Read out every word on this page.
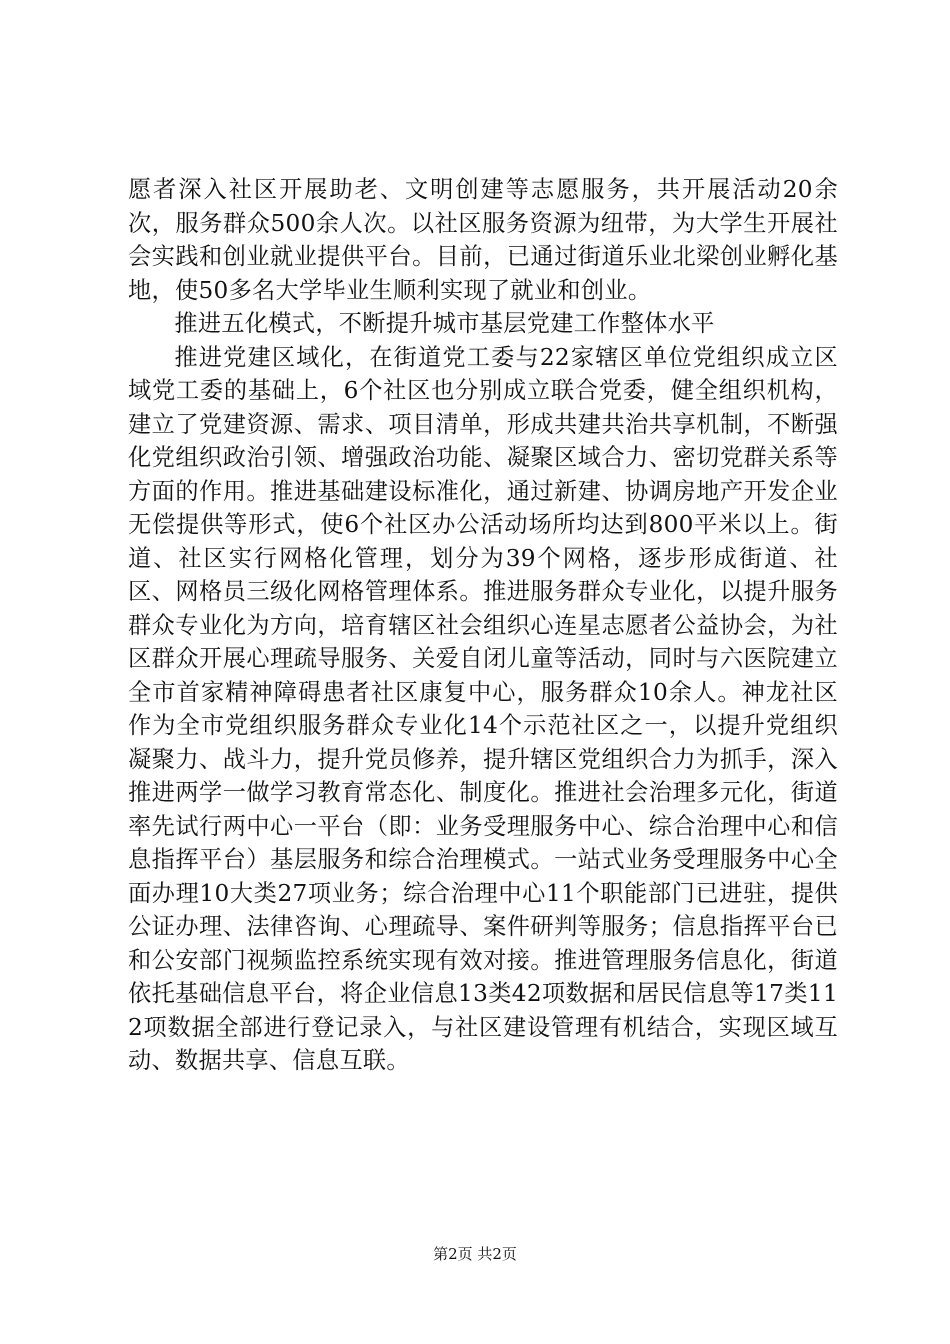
愿者深入社区开展助老、文明创建等志愿服务，共开展活动20余次，服务群众500余人次。以社区服务资源为纽带，为大学生开展社会实践和创业就业提供平台。目前，已通过街道乐业北梁创业孵化基地，使50多名大学毕业生顺利实现了就业和创业。

推进五化模式，不断提升城市基层党建工作整体水平

推进党建区域化，在街道党工委与22家辖区单位党组织成立区域党工委的基础上，6个社区也分别成立联合党委，健全组织机构，建立了党建资源、需求、项目清单，形成共建共治共享机制，不断强化党组织政治引领、增强政治功能、凝聚区域合力、密切党群关系等方面的作用。推进基础建设标准化，通过新建、协调房地产开发企业无偿提供等形式，使6个社区办公活动场所均达到800平米以上。街道、社区实行网格化管理，划分为39个网格，逐步形成街道、社区、网格员三级化网格管理体系。推进服务群众专业化，以提升服务群众专业化为方向，培育辖区社会组织心连星志愿者公益协会，为社区群众开展心理疏导服务、关爱自闭儿童等活动，同时与六医院建立全市首家精神障碍患者社区康复中心，服务群众10余人。神龙社区作为全市党组织服务群众专业化14个示范社区之一，以提升党组织凝聚力、战斗力，提升党员修养，提升辖区党组织合力为抓手，深入推进两学一做学习教育常态化、制度化。推进社会治理多元化，街道率先试行两中心一平台（即：业务受理服务中心、综合治理中心和信息指挥平台）基层服务和综合治理模式。一站式业务受理服务中心全面办理10大类27项业务；综合治理中心11个职能部门已进驻，提供公证办理、法律咨询、心理疏导、案件研判等服务；信息指挥平台已和公安部门视频监控系统实现有效对接。推进管理服务信息化，街道依托基础信息平台，将企业信息13类42项数据和居民信息等17类112项数据全部进行登记录入，与社区建设管理有机结合，实现区域互动、数据共享、信息互联。

第2页 共2页
